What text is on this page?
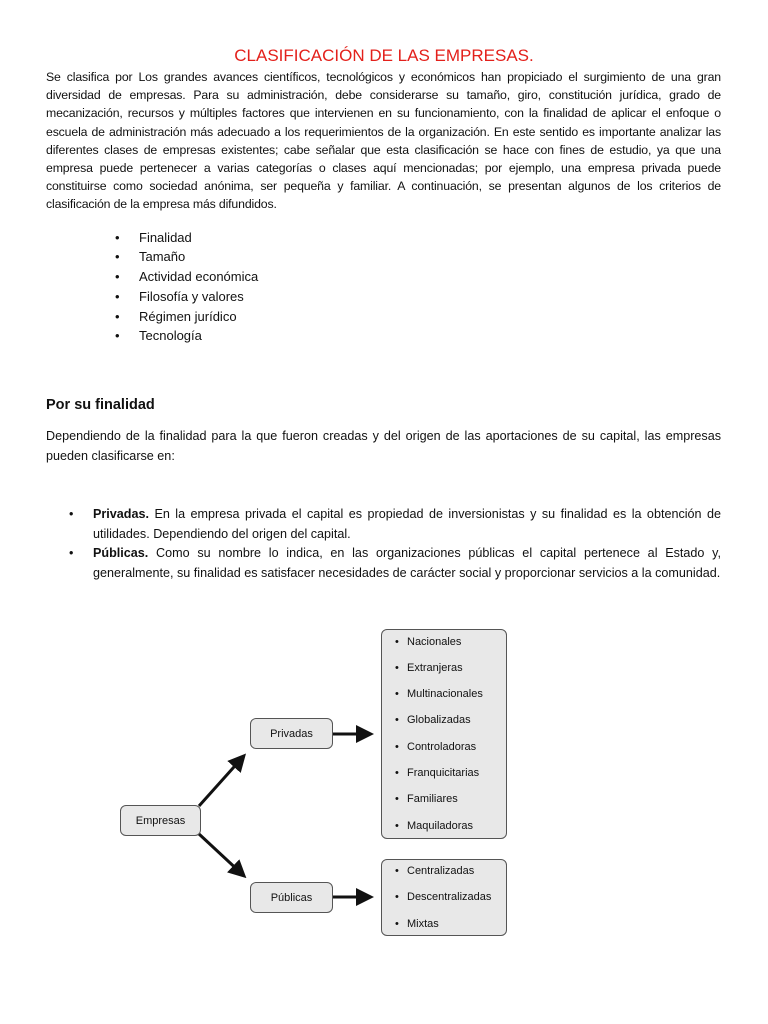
CLASIFICACIÓN DE LAS EMPRESAS.

Se clasifica por Los grandes avances científicos, tecnológicos y económicos han propiciado el surgimiento de una gran diversidad de empresas. Para su administración, debe considerarse su tamaño, giro, constitución jurídica, grado de mecanización, recursos y múltiples factores que intervienen en su funcionamiento, con la finalidad de aplicar el enfoque o escuela de administración más adecuado a los requerimientos de la organización. En este sentido es importante analizar las diferentes clases de empresas existentes; cabe señalar que esta clasificación se hace con fines de estudio, ya que una empresa puede pertenecer a varias categorías o clases aquí mencionadas; por ejemplo, una empresa privada puede constituirse como sociedad anónima, ser pequeña y familiar. A continuación, se presentan algunos de los criterios de clasificación de la empresa más difundidos.

• Finalidad
• Tamaño
• Actividad económica
• Filosofía y valores
• Régimen jurídico
• Tecnología
Por su finalidad

Dependiendo de la finalidad para la que fueron creadas y del origen de las aportaciones de su capital, las empresas pueden clasificarse en:

• Privadas. En la empresa privada el capital es propiedad de inversionistas y su finalidad es la obtención de utilidades. Dependiendo del origen del capital.
• Públicas. Como su nombre lo indica, en las organizaciones públicas el capital pertenece al Estado y, generalmente, su finalidad es satisfacer necesidades de carácter social y proporcionar servicios a la comunidad.
Empresas
Privadas
Públicas
• Nacionales
• Extranjeras
• Multinacionales
• Globalizadas
• Controladoras
• Franquicitarias
• Familiares
• Maquiladoras
• Centralizadas
• Descentralizadas
• Mixtas
